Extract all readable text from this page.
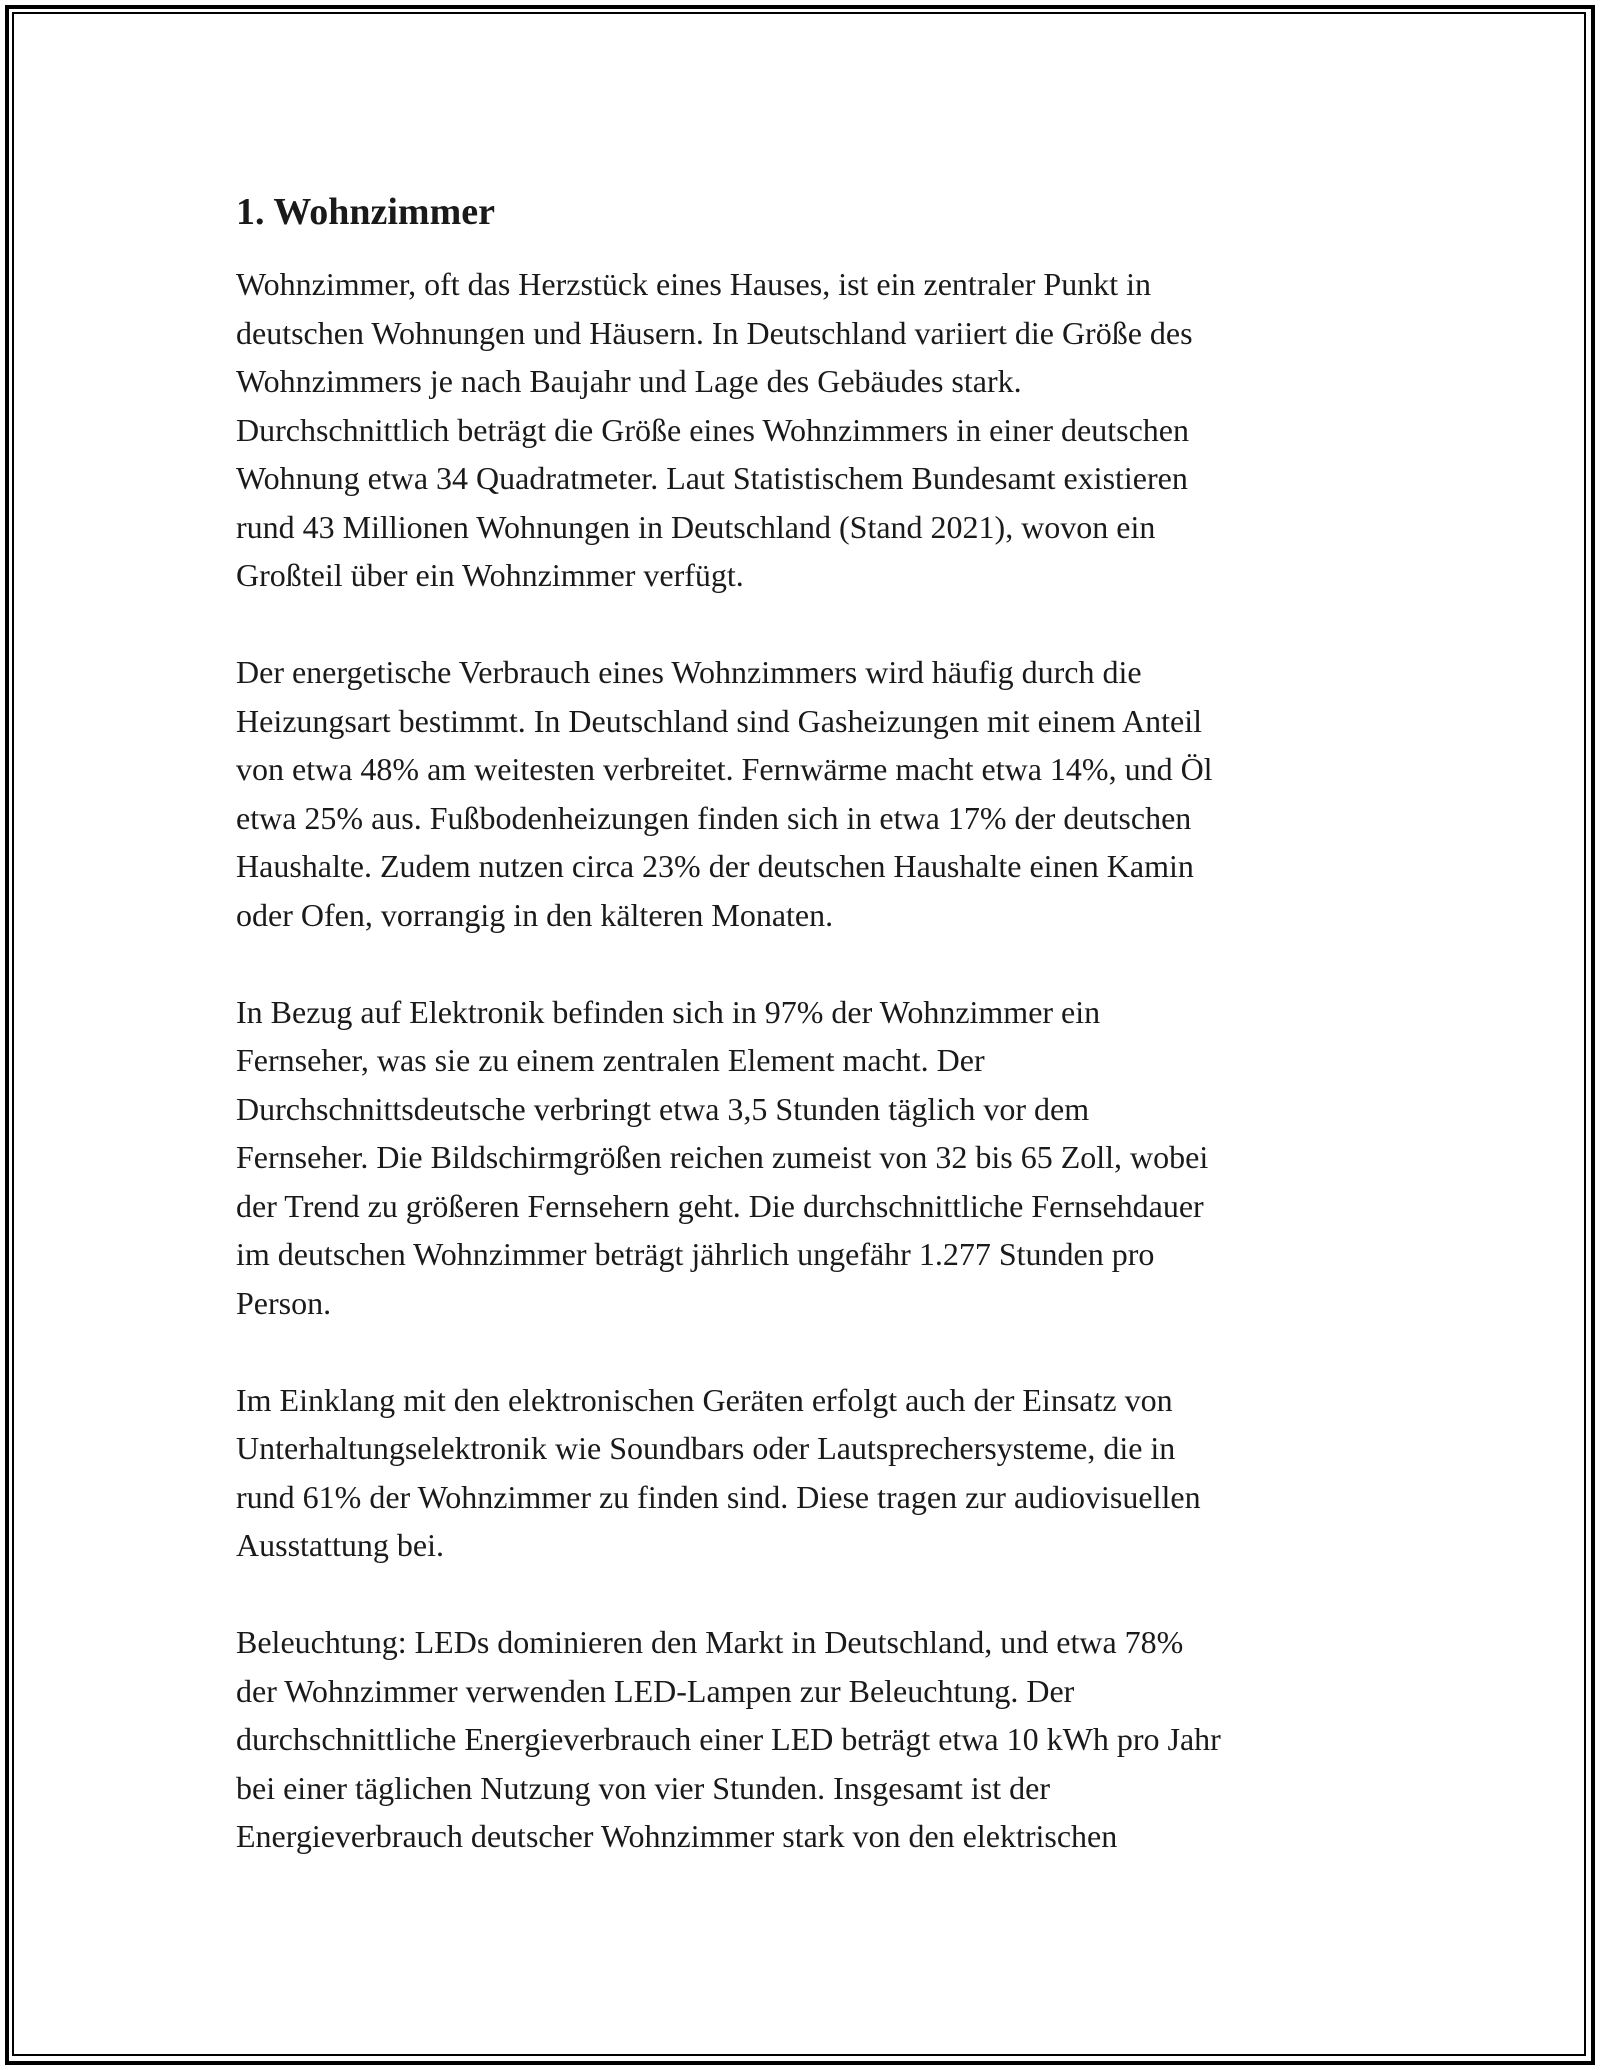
1. Wohnzimmer
Wohnzimmer, oft das Herzstück eines Hauses, ist ein zentraler Punkt in
deutschen Wohnungen und Häusern. In Deutschland variiert die Größe des
Wohnzimmers je nach Baujahr und Lage des Gebäudes stark.
Durchschnittlich beträgt die Größe eines Wohnzimmers in einer deutschen
Wohnung etwa 34 Quadratmeter. Laut Statistischem Bundesamt existieren
rund 43 Millionen Wohnungen in Deutschland (Stand 2021), wovon ein
Großteil über ein Wohnzimmer verfügt.
Der energetische Verbrauch eines Wohnzimmers wird häufig durch die
Heizungsart bestimmt. In Deutschland sind Gasheizungen mit einem Anteil
von etwa 48% am weitesten verbreitet. Fernwärme macht etwa 14%, und Öl
etwa 25% aus. Fußbodenheizungen finden sich in etwa 17% der deutschen
Haushalte. Zudem nutzen circa 23% der deutschen Haushalte einen Kamin
oder Ofen, vorrangig in den kälteren Monaten.
In Bezug auf Elektronik befinden sich in 97% der Wohnzimmer ein
Fernseher, was sie zu einem zentralen Element macht. Der
Durchschnittsdeutsche verbringt etwa 3,5 Stunden täglich vor dem
Fernseher. Die Bildschirmgrößen reichen zumeist von 32 bis 65 Zoll, wobei
der Trend zu größeren Fernsehern geht. Die durchschnittliche Fernsehdauer
im deutschen Wohnzimmer beträgt jährlich ungefähr 1.277 Stunden pro
Person.
Im Einklang mit den elektronischen Geräten erfolgt auch der Einsatz von
Unterhaltungselektronik wie Soundbars oder Lautsprechersysteme, die in
rund 61% der Wohnzimmer zu finden sind. Diese tragen zur audiovisuellen
Ausstattung bei.
Beleuchtung: LEDs dominieren den Markt in Deutschland, und etwa 78%
der Wohnzimmer verwenden LED-Lampen zur Beleuchtung. Der
durchschnittliche Energieverbrauch einer LED beträgt etwa 10 kWh pro Jahr
bei einer täglichen Nutzung von vier Stunden. Insgesamt ist der
Energieverbrauch deutscher Wohnzimmer stark von den elektrischen
